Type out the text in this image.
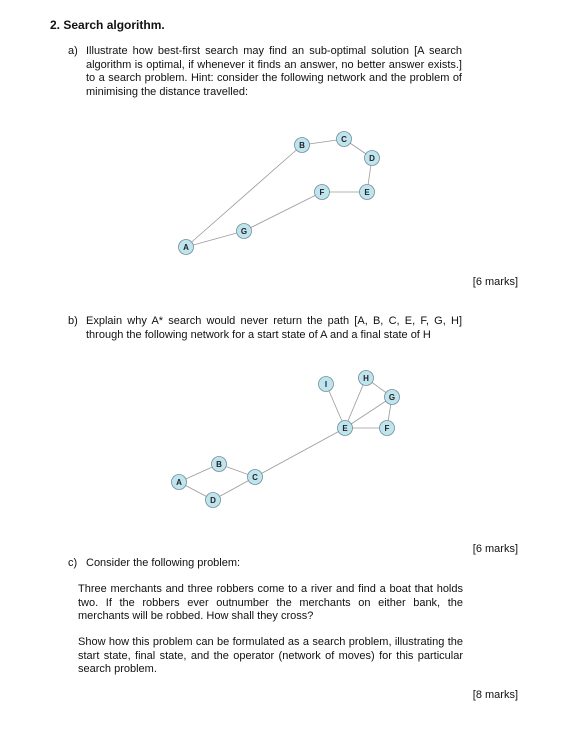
2. Search algorithm.
a) Illustrate how best-first search may find an sub-optimal solution [A search algorithm is optimal, if whenever it finds an answer, no better answer exists.] to a search problem. Hint: consider the following network and the problem of minimising the distance travelled:
A
G
F	E
D
C
B
A
B
D
C
E	F
G
H
I
[6 marks]
b) Explain why A* search would never return the path [A, B, C, E, F, G, H] through the following network for a start state of A and a final state of H
[6 marks]
c) Consider the following problem:
Three merchants and three robbers come to a river and find a boat that holds two. If the robbers ever outnumber the merchants on either bank, the merchants will be robbed. How shall they cross?
Show how this problem can be formulated as a search problem, illustrating the start state, final state, and the operator (network of moves) for this particular search problem.
[8 marks]
